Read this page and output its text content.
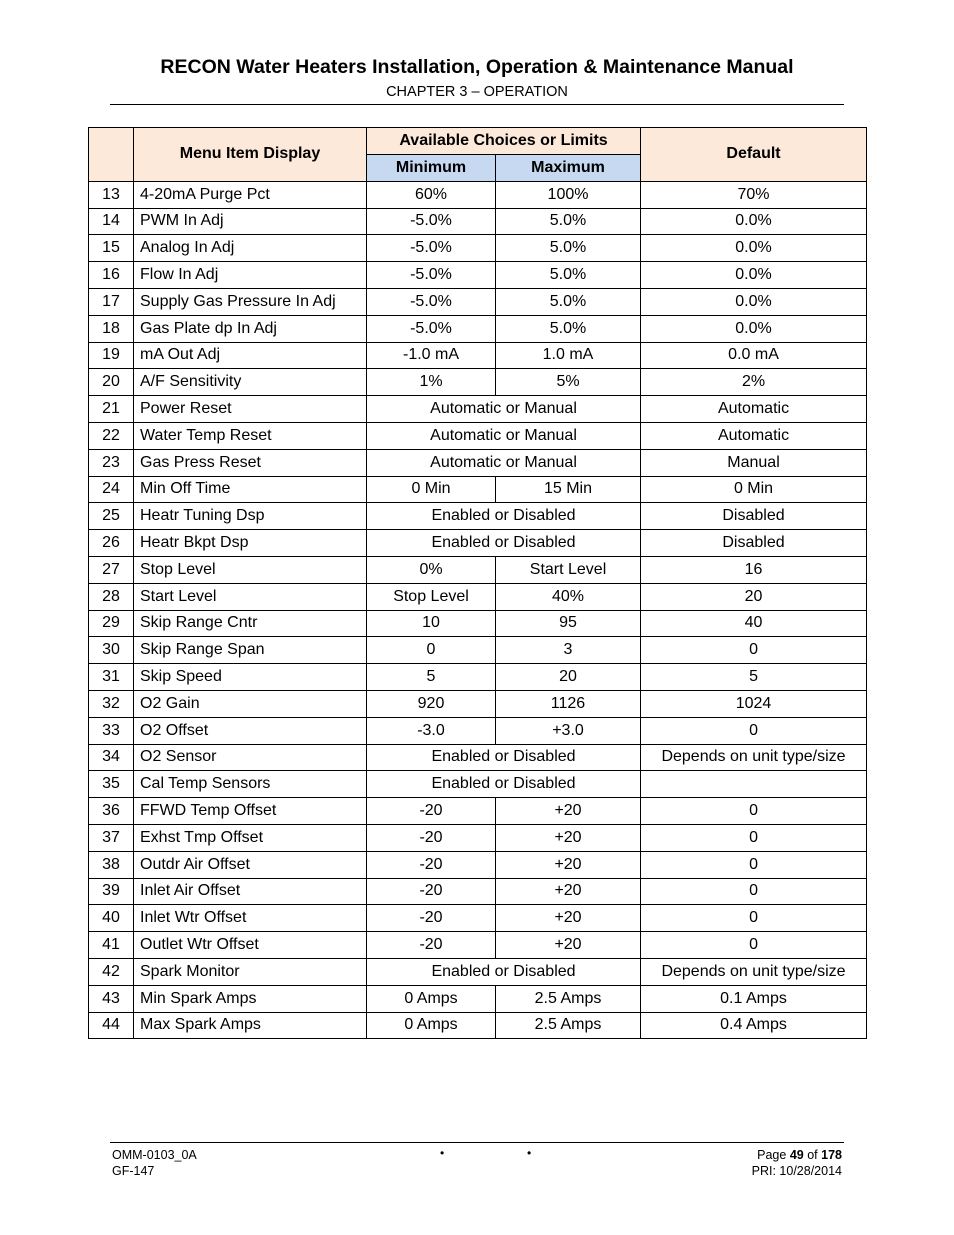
RECON Water Heaters Installation, Operation & Maintenance Manual
CHAPTER 3 – OPERATION
	Menu Item Display	Available Choices or Limits		Default
		Minimum	Maximum	
13	4-20mA Purge Pct	60%	100%	70%
14	PWM In Adj	-5.0%	5.0%	0.0%
15	Analog In Adj	-5.0%	5.0%	0.0%
16	Flow In Adj	-5.0%	5.0%	0.0%
17	Supply Gas Pressure In Adj	-5.0%	5.0%	0.0%
18	Gas Plate dp In Adj	-5.0%	5.0%	0.0%
19	mA Out Adj	-1.0 mA	1.0 mA	0.0 mA
20	A/F Sensitivity	1%	5%	2%
21	Power Reset	Automatic or Manual		Automatic
22	Water Temp Reset	Automatic or Manual		Automatic
23	Gas Press Reset	Automatic or Manual		Manual
24	Min Off Time	0 Min	15 Min	0 Min
25	Heatr Tuning Dsp	Enabled or Disabled		Disabled
26	Heatr Bkpt Dsp	Enabled or Disabled		Disabled
27	Stop Level	0%	Start Level	16
28	Start Level	Stop Level	40%	20
29	Skip Range Cntr	10	95	40
30	Skip Range Span	0	3	0
31	Skip Speed	5	20	5
32	O2 Gain	920	1126	1024
33	O2 Offset	-3.0	+3.0	0
34	O2 Sensor	Enabled or Disabled		Depends on unit type/size
35	Cal Temp Sensors	Enabled or Disabled		
36	FFWD Temp Offset	-20	+20	0
37	Exhst Tmp Offset	-20	+20	0
38	Outdr Air Offset	-20	+20	0
39	Inlet Air Offset	-20	+20	0
40	Inlet Wtr Offset	-20	+20	0
41	Outlet Wtr Offset	-20	+20	0
42	Spark Monitor	Enabled or Disabled		Depends on unit type/size
43	Min Spark Amps	0 Amps	2.5 Amps	0.1 Amps
44	Max Spark Amps	0 Amps	2.5 Amps	0.4 Amps
OMM-0103_0A
GF-147
•	•	Page 49 of 178
PRI: 10/28/2014
